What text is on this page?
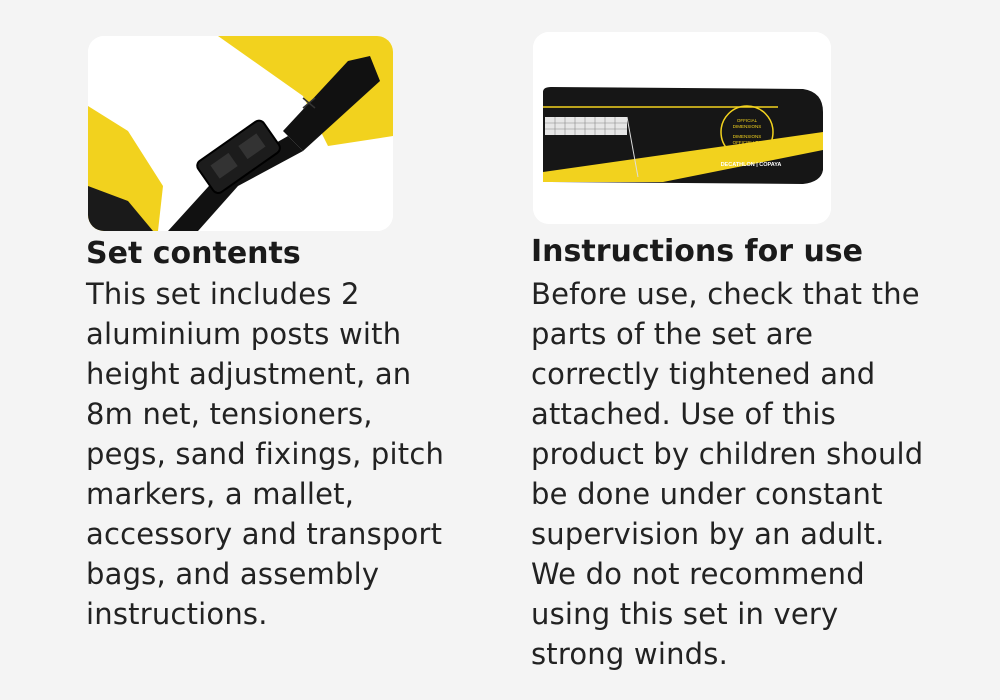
Set contents

This set includes 2
aluminium posts with
height adjustment, an
8m net, tensioners,
pegs, sand fixings, pitch
markers, a mallet,
accessory and transport
bags, and assembly
instructions.

OFFICIAL
DIMENSIONS
DIMENSIONS
OFFICIELLES
DECATHLON | COPAYA
Instructions for use

Before use, check that the
parts of the set are
correctly tightened and
attached. Use of this
product by children should
be done under constant
supervision by an adult.
We do not recommend
using this set in very
strong winds.
